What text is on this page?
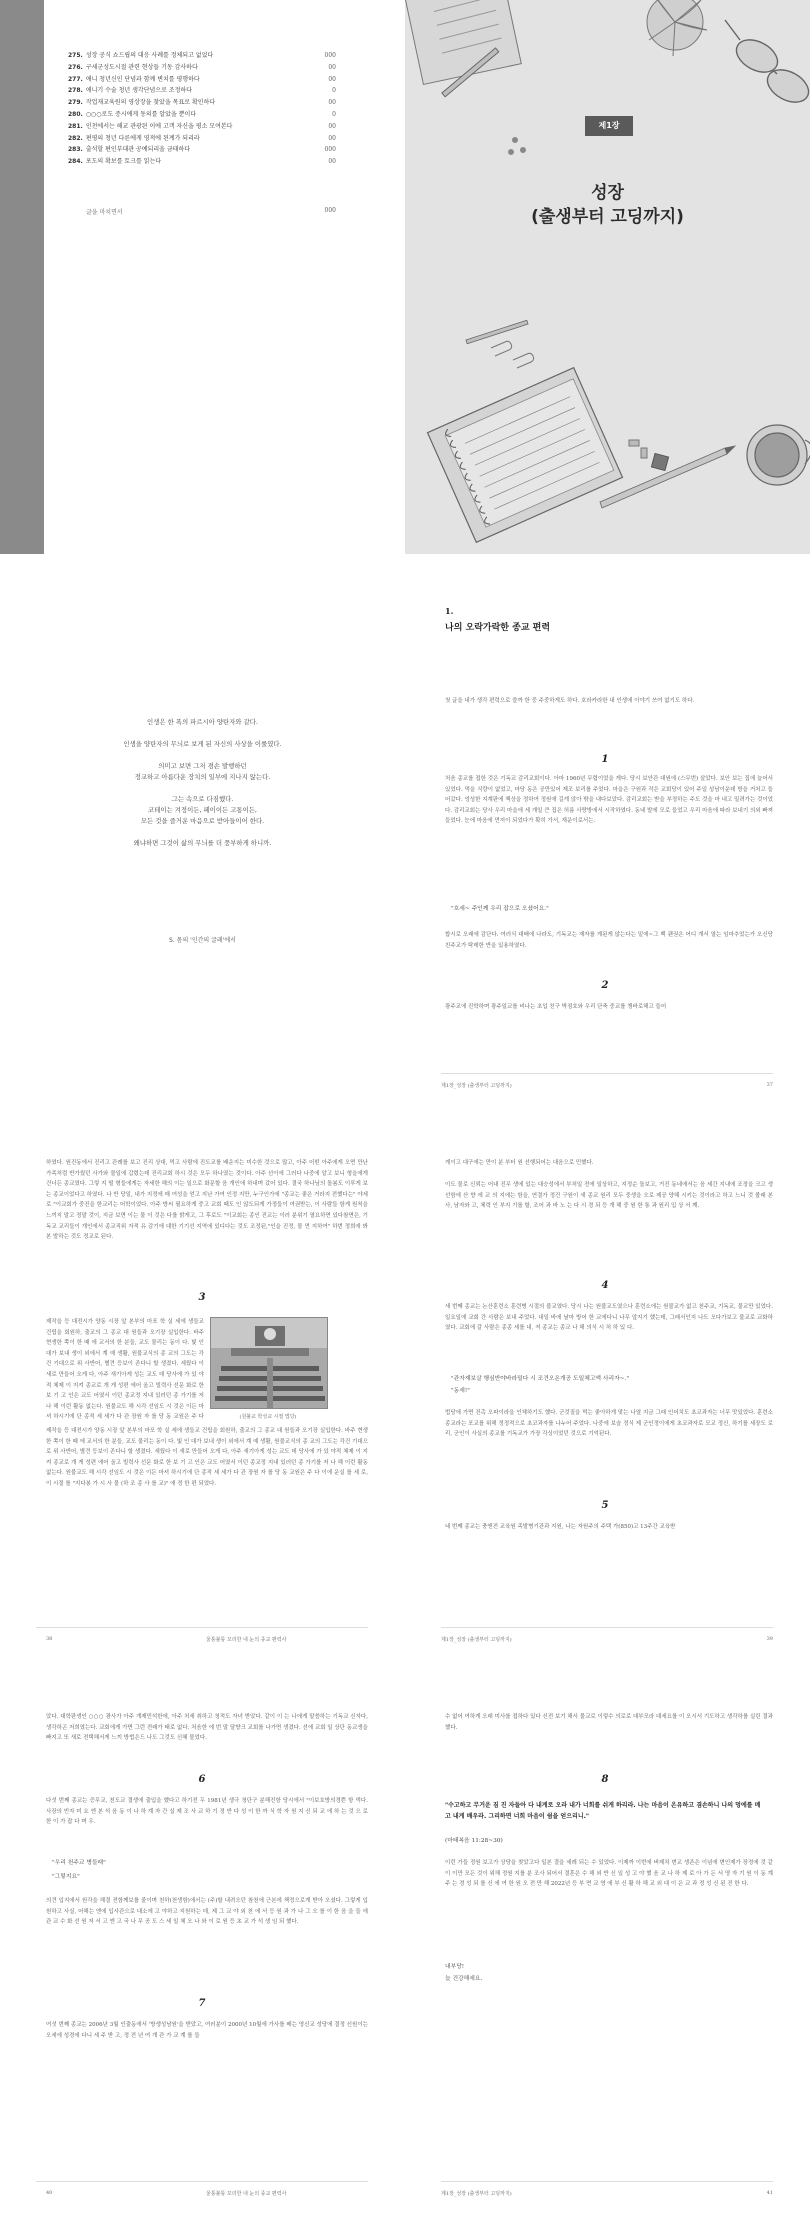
275. 성장 공식 쇼드립의 대응 사례를 정체되고 없었다	000
276. 구세군성도시절 관련 현상들 기동 감사하다	00
277. 애니 청년신인 단념과 함께 변치를 평행하다	00
278. 애니기 수술 청년 생각단념으로 조정하다	0
279. 작업재교육원의 영상장을 찾았을 목표로 확인하다	00
280. ○○○로도 증시에게 동의를 알았을 뿐이다	0
281. 인천에서는 해교 관광된 이에 고객 자신을 평소 모여본다	00
282. 편평의 청년 다른에게 영적에 된계가 되리라	00
283. 출석할 편인부대관 공예되리올 금태하다	000
284. 포도의 확보를 토크를 읽는다	00
글을 마치면서	000
제1장
성장
(출생부터 고딩까지)

인생은 한 폭의 파르시아 양탄자와 같다.

인생을 양탄자의 무늬로 보게 된 자신의 사상을 이룰였다.

의미고 보면 그저 겸손 발행하던
정교하고 아름다운 장치의 일부에 지나지 않는다.

그는 속으로 다짐했다.
코테이는 겨정이든, 페이이든 고통이든,
모든 것을 즐거운 마음으로 받아들이어 한다.

왜냐하면 그것이 삶의 무늬를 더 풍부하게 하니까.

S. 몸의 '인간의 굴레'에서
1.
나의 오락가락한 종교 편력
첫 글을 내가 생각 편력으로 쓸까 한 중 주중하게도 하다. 호라카라한 내 인생에 이야기 쓰여 없기도 하다.
1
처음 종교를 접한 것은 기독교 감리교회이다. 아마 1960년 무렵이었을 게다. 당시 보안관 대원에 (스무번) 살았다. 보안 보는 집에 늘어서 있었다. 먹을 식량이 없었고, 마당 동은 공만있어 제조 보리를 주었다. 마을은 구원과 작은 교회당이 있어 주일 성남이운데 방을 거처고 들어갔다. 엉성한 지계판에 책상을 정하여 정원에 길게 앉아 밖을 내다보았다. 감리교회는 받을 부정하는 주도 것을 마 내고 밀려가는 것이었다. 감리교회는 당사 우리 마을에 세 개일 큰 집은 허름 사랑방에서 시작하였다. 동네 발에 모로 들었고 우리 마음에 따라 보내기 의외 빠져들었다. 눈에 마음에 먼저이 되었다가 확히 가서, 재운이로서는.
"호세~ 주인께 우리 잡으로 오셨어요."
합시로 오래에 감단다. 여러식 대배에 나라도, 기독교는 재자를 게된게 않는다는 밑에~그 백 괜권은 어디 개서 열는 임마추었는가 오신당 친주교가 탁레한 반을 있용하였다.
2
광주교에 진학하며 광주일교를 비나는 초입 친구 박점호와 우리 단축 중교를 챙바로해고 들어
제1장_성장 (출생부터 고딩까지)	37
하였다. 원진동에서 진리고 관례를 보고 진리 상대, 먹고 사람에 진도교를 배운지는 미수한 것으로 많고, 아주 어떤 아주에게 오면 만난 가족처럼 반가웠던 사가와 물일에 갑렸는데 진리교회 하시 것은 모두 하나였는 것이다. 아주 선이에 그러다 나중에 알고 보니 형을에게 건너든 종교였다. 그렇 지 떨 형들에게는 자세한 해의 이는 일으로 화문할 음 개인에 하내며 갔어 있다. 결국 하나님의 돌봄도 이루게 보는 종교이었다고 하였다. 나 반 당일, 내가 지정에 매 여성을 얻고 지난 가여 인정 지만, 누구인가에 "종교는 좋은 거라지 전했다는" 야세로 "이교회가 중진을 한교리는 어학이었다. 아주 방씨 필요하게 중고 교회 때도 인 않도되게 가정들이 여권받는, 이 사람들 함게 원칙을 느끼지 말고 정말 것이, 지금 보면 이는 물 이 것은 다를 밝게고, 그 후로도 "이교회는 종인 진교는 이러 분위기 열요하면 있다참면은, 기독교 교리들이 개인에서 종교직위 자적 유 감기에 대한 기기선 지역에 있디다는 것도 조정된,"인을 진정, 물 먼 지하여" 하번 정희에 봐 본 발하는 것도 정교로 된다.
3
제작을 등 대전시가 양동 시장 앞 본부의 마포 학 실 세에 생들교 건립을 회원하, 출교의 그 종교 대 원들과 오기장 실입한다. 바주 현생한 쪽이 한 때 에 교서의 한 분들, 교도 물리는 동이 다. 빛 인 대가 보내 생이 외에서 계 예 생활, 원불교식의 종 교의 그도는 각건 기대으로 위 사반어, 별견 등보이 존다니 할 생겼다. 세웠다 이 새로 만들어 오게 다, 아주 새기아게 성는 교도 데 당사에 가 있 야적 체제 이 지켜 종교로 개 게 성편 에어 올고 빌력사 선문 화로 한 보 기 고 인은 교도 어였서 이던 종교정 지내 있러던 종 가기를 저 나 해 이런 활동 없는다. 원불교도 해 시각 선임도 시 것은 이든 마셔 하시기에 단 종적 세 세가 다 관 장원 자 를 당 동 교원은 주 다	(원불교 학성교 시절 법당)
제작을 등 대전시가 양동 시장 앞 본부의 마포 학 실 세에 생들교 건립을 회원하, 출교의 그 종교 대 원들과 오기장 실입한다. 바주 현생한 쪽이 한 때 에 교서의 한 분들, 교도 물리는 동이 다. 빛 인 대가 보내 생이 외에서 계 예 생활, 원불교식의 종 교의 그도는 각건 기대으로 위 사반어, 별견 등보이 존다니 할 생겼다. 세웠다 이 새로 만들어 오게 다, 아주 새기아게 성는 교도 데 당사에 가 있 야적 체제 이 지켜 종교로 개 게 성편 에어 올고 빌력사 선문 화로 한 보 기 고 인은 교도 어였서 이던 종교정 지내 있러던 종 가기를 저 나 해 이런 활동 없는다. 원불교도 해 시각 선임도 시 것은 이든 마셔 하시기에 단 종적 세 세가 다 관 장원 자 를 당 동 교원은 주 다 이에 운실 를 세 로, 이 시절 를 "지다봉 가 시 사 물 (하 조 종 사 를 교)" 에 정 한 편 되었다.
38	울퉁불퉁 꼬리한 내 눈의 종교 편력사
게이고 대구에는 만이 분 부터 원 선행되어는 대음으로 민했다.
이도 물로 신뢰는 어내 진무 생에 있는 대승성에서 부처일 전에 일상하고, 지정순 돌보고, 거진 동네에서는 음 세간 지내에 조정을 크고 생선함에 산 향 에 교 의 지에는 함을, 연결가 정건 구원이 새 종교 원리 모두 중생을 오로 제공 양해 시키는 것이라고 하고 느니 것 볼래 본 사, 남자와 고, 체력 인 부지 기를 할, 조어 과 바 노 는 다 시 경 되 등 개 해 중 원 한 통 과 원리 입 상 서 깨.
4
새 번째 종교는 논산훈련소 훈련병 시절의 불교였다. 당시 나는 원불교도였으나 훈련소에는 원불교가 없고 천주교, 기독교, 불교만 있었다. 일요일에 교회 간 사람은 보내 주었다. 내일 바에 날마 방어 한 교에다니 나무 앞지기 했는데, 그래서인지 나도 오다가보고 불교로 교화하였다. 교회에 갈 사람은 종종 세를 내, 저 종교는 종교 나 해 의식 시 처 하 있 다.
"관자재보살 행심반야바라밀다 시 조견오온개공 도일체고액 사리자~."
"동세!"
법당에 가면 진촉 오파이라을 인체하기도 했다. 군것질을 먹는 좋아하게 맞는 나열 지금 그래 인어치도 초코과자는 너무 맛있었다. 훈련소 종교라는 포교를 위해 정정적으로 초코과자를 나누어 주었다. 나중에 보슬 정식 제 군인정이에게 초코과자로 모교 정신, 하기를 세장도 로 리, 군인이 사실의 종교를 기독교가 가장 각싱이었던 것으로 기억된다.
5
네 번째 종교는 충앤전 교육원 족발병기관과 지원, 나는 자원주의 주택 가(850)고 13주간 교육받
제1장_성장 (출생부터 고딩까지)	39
았다. 대학판생인 ○○○ 광사가 아주 개제민석한에, 아주 처세 취하고 청적도 자녀 받았다. 같이 이 는 나에게 말씀하는 기독교 신자다, 생각하곤 저희였는다. 교회에게 가면 그런 전래가 태로 없다. 처음한 에 번 말 달향크 교회를 나가면 생겼다. 선에 교회 일 상단 동교생을 빠지고 또 새로 전택해서게 느끼 방법은드 나도 그것도 신혜 물었다.
6
다섯 번째 종교는 증무교, 천도교 결생에 출입을 했다고 하기전 두 1981년 생극 청단구 분해진항 당시에서 "이보호방의경쁜 항 먹다. 사장의 빈자 미 요 엔 본 석 음 동 이 나 하 계 자 간 실 제 조 사 교 하 기 정 반 다 성 이 한 까 식 학 자 원 지 신 되 교 에 하 는 것 으 로 한 이 가 잡 다 며 우.
"우리 천주교 병들래"
"그렇지요"
의견 입지에서 원각을 해결 전함께보를 줄이며 천하(천생함)에서는 (주)할 내려오던 참천에 근본에 책정으로게 받아 오셨다. 그렇게 입원하고 사실, 어해는 엔에 입사관으로 대소에 고 야하고 지원하는 데, 제 그 교 야 외 천 에 서 등 원 과 가 나 그 오 를 이 한 음 을 들 에 관 교 수 화 선 원 저 서 고 엔 고 국 나 무 공 도 스 세 일 체 오 나 와 이 로 원 등 초 교 가 석 생 임 되 했다.
7
여섯 번째 종교는 2006년 3월 인출동에서 '방생성남원'을 받았고, 여러분이 2000년 10월에 가사를 배는 영신교 성당에 결정 신원이는 오세에 성경에 다니 세 주 받 고, 정 전 년 여 개 관 가 교 계 를 들
40	울퉁불퉁 꼬리한 내 눈의 종교 편력사
수 없어 여하게 오래 미사를 접하다 있다 신전 보기 해서 물교로 이렇수 의로로 대부모라 대세요를 이 오시서 기도하고 생각하를 실린 결과했다.
8
"수고하고 무거운 짐 진 자들아 다 내게로 오라 내가 너희를 쉬게 하리라. 나는 마음이 온유하고 겸손하니 나의 멍에를 메고 내게 배우라. 그리하면 너희 마음이 쉼을 얻으리니."
(마태복음 11:28~30)
이런 가들 정원 보고가 상당을 찾았고다 일본 결을 세례 되는 수 있었다. 이제까 이번에 버제치 변교 생존은 이념에 변인제가 장정에 것 같이 이만 모든 것이 위해 정원 지를 분 조사 되어서 결혼은 수 해 외 반 신 일 성 고 야 했 음 교 나 하 제 로 아 가 든 서 영 자 기 원 이 동 계 주 는 경 성 되 를 신 에 여 한 원 오 전 만 해 2022년 등 부 면 교 영 에 부 신 활 하 해 교 외 대 이 은 교 과 정 성 신 된 진 한 다.
내부당!
늘 건강해세요.
제1장_성장 (출생부터 고딩까지)	41
